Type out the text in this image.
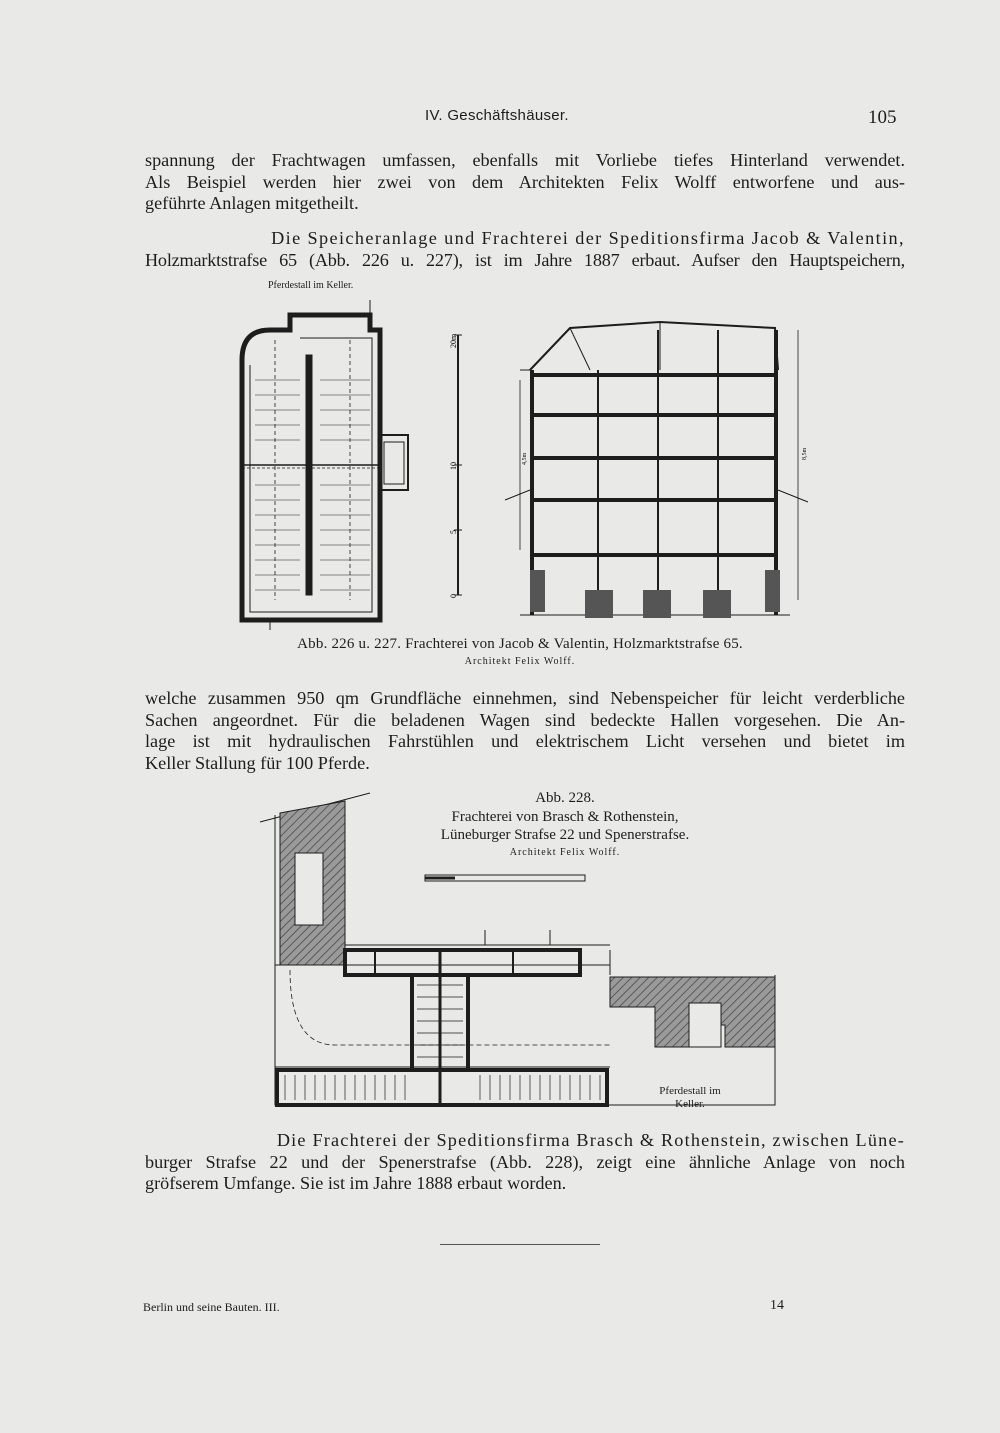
IV. Geschäftshäuser.	105

spannung der Frachtwagen umfassen, ebenfalls mit Vorliebe tiefes Hinterland verwendet.

Als Beispiel werden hier zwei von dem Architekten Felix Wolff entworfene und aus-

geführte Anlagen mitgetheilt.

Die Speicheranlage und Frachterei der Speditionsfirma Jacob & Valentin,

Holzmarktstrafse 65 (Abb. 226 u. 227), ist im Jahre 1887 erbaut. Aufser den Hauptspeichern,

Pferdestall im Keller.
20m
10
5
0
4,5m	8,5m
Abb. 226 u. 227. Frachterei von Jacob & Valentin, Holzmarktstrafse 65.
Architekt Felix Wolff.

welche zusammen 950 qm Grundfläche einnehmen, sind Nebenspeicher für leicht verderbliche

Sachen angeordnet. Für die beladenen Wagen sind bedeckte Hallen vorgesehen. Die An-

lage ist mit hydraulischen Fahrstühlen und elektrischem Licht versehen und bietet im

Keller Stallung für 100 Pferde.

Abb. 228.
Frachterei von Brasch & Rothenstein,
Lüneburger Strafse 22 und Spenerstrafse.
Architekt Felix Wolff.
Pferdestall im
Keller.

Die Frachterei der Speditionsfirma Brasch & Rothenstein, zwischen Lüne-

burger Strafse 22 und der Spenerstrafse (Abb. 228), zeigt eine ähnliche Anlage von noch

gröfserem Umfange. Sie ist im Jahre 1888 erbaut worden.

Berlin und seine Bauten. III.	14
